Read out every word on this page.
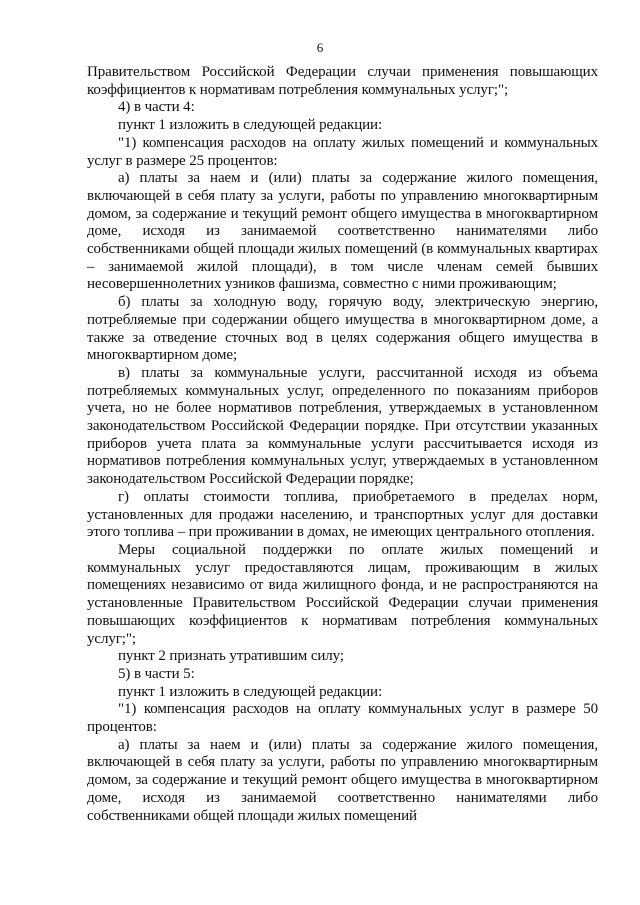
6

Правительством Российской Федерации случаи применения повышающих коэффициентов к нормативам потребления коммунальных услуг;";

4) в части 4:

пункт 1 изложить в следующей редакции:

"1) компенсация расходов на оплату жилых помещений и коммунальных услуг в размере 25 процентов:

а) платы за наем и (или) платы за содержание жилого помещения, включающей в себя плату за услуги, работы по управлению многоквартирным домом, за содержание и текущий ремонт общего имущества в многоквартирном доме, исходя из занимаемой соответственно нанимателями либо собственниками общей площади жилых помещений (в коммунальных квартирах – занимаемой жилой площади), в том числе членам семей бывших несовершеннолетних узников фашизма, совместно с ними проживающим;

б) платы за холодную воду, горячую воду, электрическую энергию, потребляемые при содержании общего имущества в многоквартирном доме, а также за отведение сточных вод в целях содержания общего имущества в многоквартирном доме;

в) платы за коммунальные услуги, рассчитанной исходя из объема потребляемых коммунальных услуг, определенного по показаниям приборов учета, но не более нормативов потребления, утверждаемых в установленном законодательством Российской Федерации порядке. При отсутствии указанных приборов учета плата за коммунальные услуги рассчитывается исходя из нормативов потребления коммунальных услуг, утверждаемых в установленном законодательством Российской Федерации порядке;

г) оплаты стоимости топлива, приобретаемого в пределах норм, установленных для продажи населению, и транспортных услуг для доставки этого топлива – при проживании в домах, не имеющих центрального отопления.

Меры социальной поддержки по оплате жилых помещений и коммунальных услуг предоставляются лицам, проживающим в жилых помещениях независимо от вида жилищного фонда, и не распространяются на установленные Правительством Российской Федерации случаи применения повышающих коэффициентов к нормативам потребления коммунальных услуг;";

пункт 2 признать утратившим силу;

5) в части 5:

пункт 1 изложить в следующей редакции:

"1) компенсация расходов на оплату коммунальных услуг в размере 50 процентов:

а) платы за наем и (или) платы за содержание жилого помещения, включающей в себя плату за услуги, работы по управлению многоквартирным домом, за содержание и текущий ремонт общего имущества в многоквартирном доме, исходя из занимаемой соответственно нанимателями либо собственниками общей площади жилых помещений
